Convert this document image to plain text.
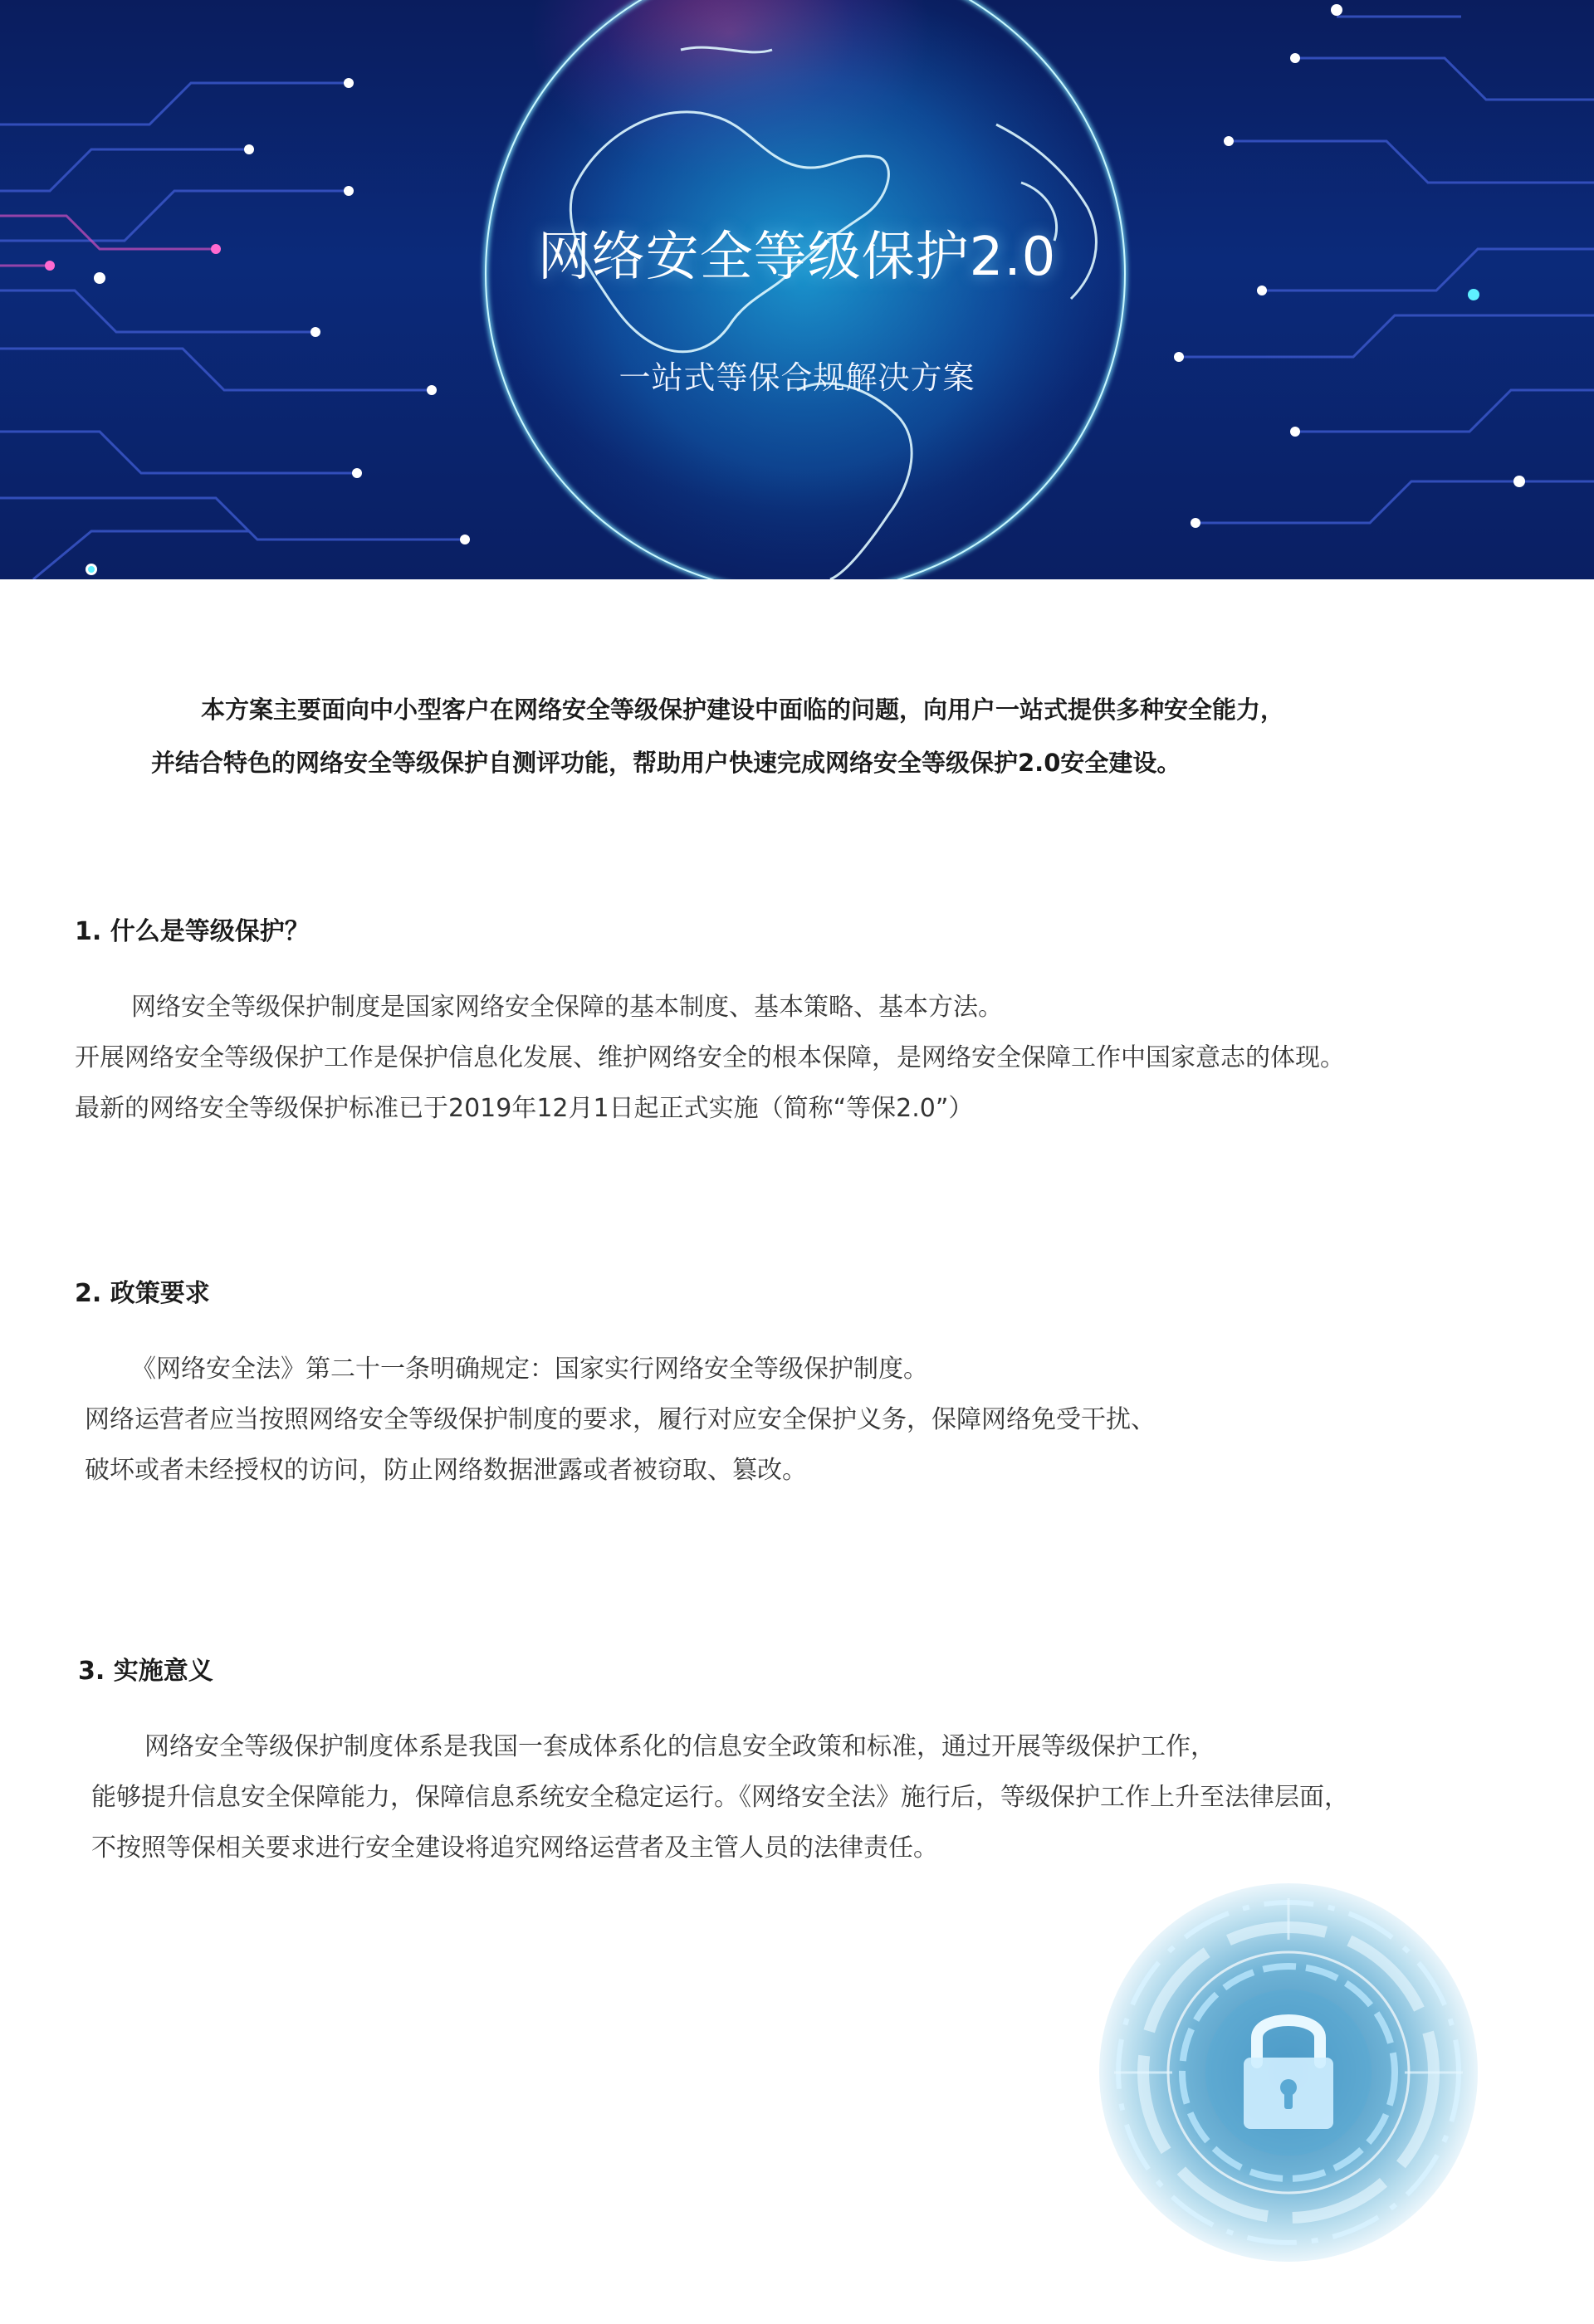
网络安全等级保护2.0
一站式等保合规解决方案
本方案主要面向中小型客户在网络安全等级保护建设中面临的问题，向用户一站式提供多种安全能力，
并结合特色的网络安全等级保护自测评功能，帮助用户快速完成网络安全等级保护2.0安全建设。
1. 什么是等级保护？
网络安全等级保护制度是国家网络安全保障的基本制度、基本策略、基本方法。
开展网络安全等级保护工作是保护信息化发展、维护网络安全的根本保障，是网络安全保障工作中国家意志的体现。
最新的网络安全等级保护标准已于2019年12月1日起正式实施（简称“等保2.0”）
2. 政策要求
《网络安全法》第二十一条明确规定：国家实行网络安全等级保护制度。
网络运营者应当按照网络安全等级保护制度的要求，履行对应安全保护义务，保障网络免受干扰、
破坏或者未经授权的访问，防止网络数据泄露或者被窃取、篡改。
3. 实施意义
网络安全等级保护制度体系是我国一套成体系化的信息安全政策和标准，通过开展等级保护工作，
能够提升信息安全保障能力，保障信息系统安全稳定运行。《网络安全法》施行后，等级保护工作上升至法律层面，
不按照等保相关要求进行安全建设将追究网络运营者及主管人员的法律责任。
